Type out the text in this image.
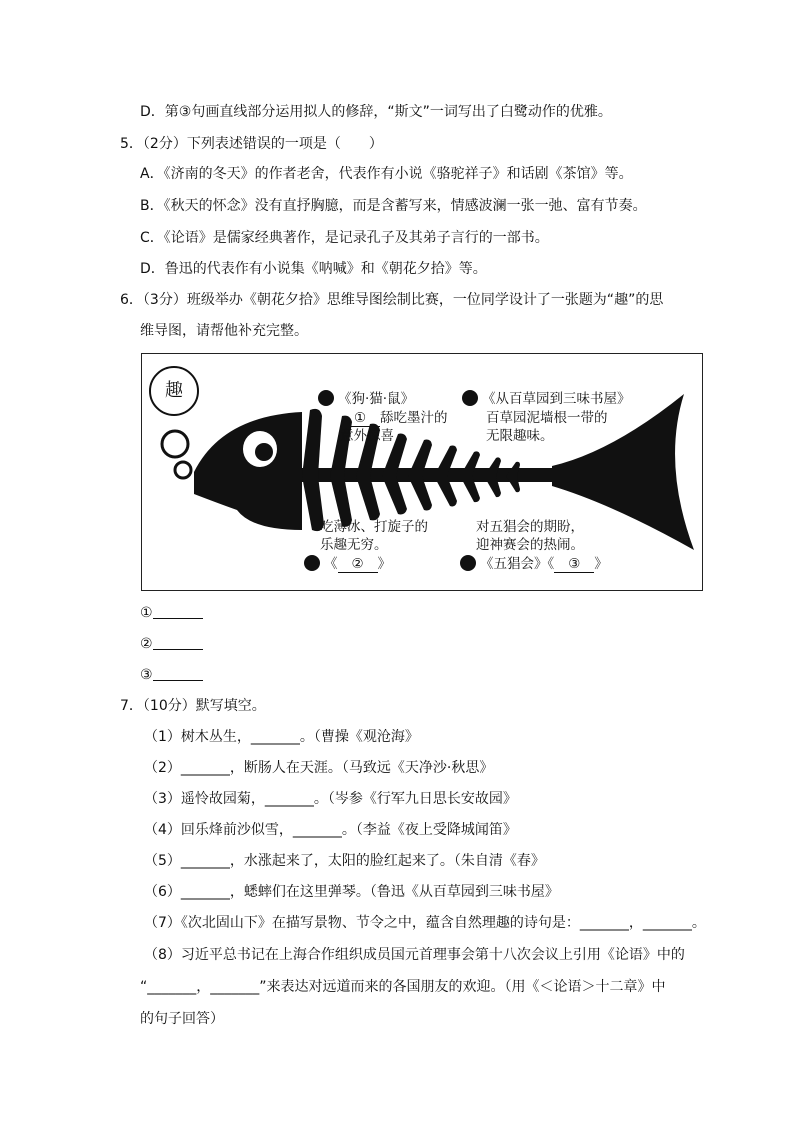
D．第③句画直线部分运用拟人的修辞，“斯文”一词写出了白鹭动作的优雅。
5．（2分）下列表述错误的一项是（　　）
A．《济南的冬天》的作者老舍，代表作有小说《骆驼祥子》和话剧《茶馆》等。
B．《秋天的怀念》没有直抒胸臆，而是含蓄写来，情感波澜一张一弛、富有节奏。
C．《论语》是儒家经典著作，是记录孔子及其弟子言行的一部书。
D．鲁迅的代表作有小说集《呐喊》和《朝花夕拾》等。
6．（3分）班级举办《朝花夕拾》思维导图绘制比赛，一位同学设计了一张题为“趣”的思
维导图，请帮他补充完整。
趣	《狗·猫·鼠》
① 舔吃墨汁的
意外惊喜
《从百草园到三味书屋》
百草园泥墙根一带的
无限趣味。
吃薄冰、打旋子的
乐趣无穷。
《 ② 》
对五猖会的期盼，
迎神赛会的热闹。
《五猖会》《 ③ 》
①
②
③
7．（10分）默写填空。
（1）树木丛生，_______。（曹操《观沧海》
（2）_______，断肠人在天涯。（马致远《天净沙·秋思》
（3）遥怜故园菊，_______。（岑参《行军九日思长安故园》
（4）回乐烽前沙似雪，_______。（李益《夜上受降城闻笛》
（5）_______，水涨起来了，太阳的脸红起来了。（朱自清《春》
（6）_______，蟋蟀们在这里弹琴。（鲁迅《从百草园到三味书屋》
（7）《次北固山下》在描写景物、节令之中，蕴含自然理趣的诗句是：_______，_______。
（8）习近平总书记在上海合作组织成员国元首理事会第十八次会议上引用《论语》中的
“_______，_______”来表达对远道而来的各国朋友的欢迎。（用《＜论语＞十二章》中
的句子回答）
